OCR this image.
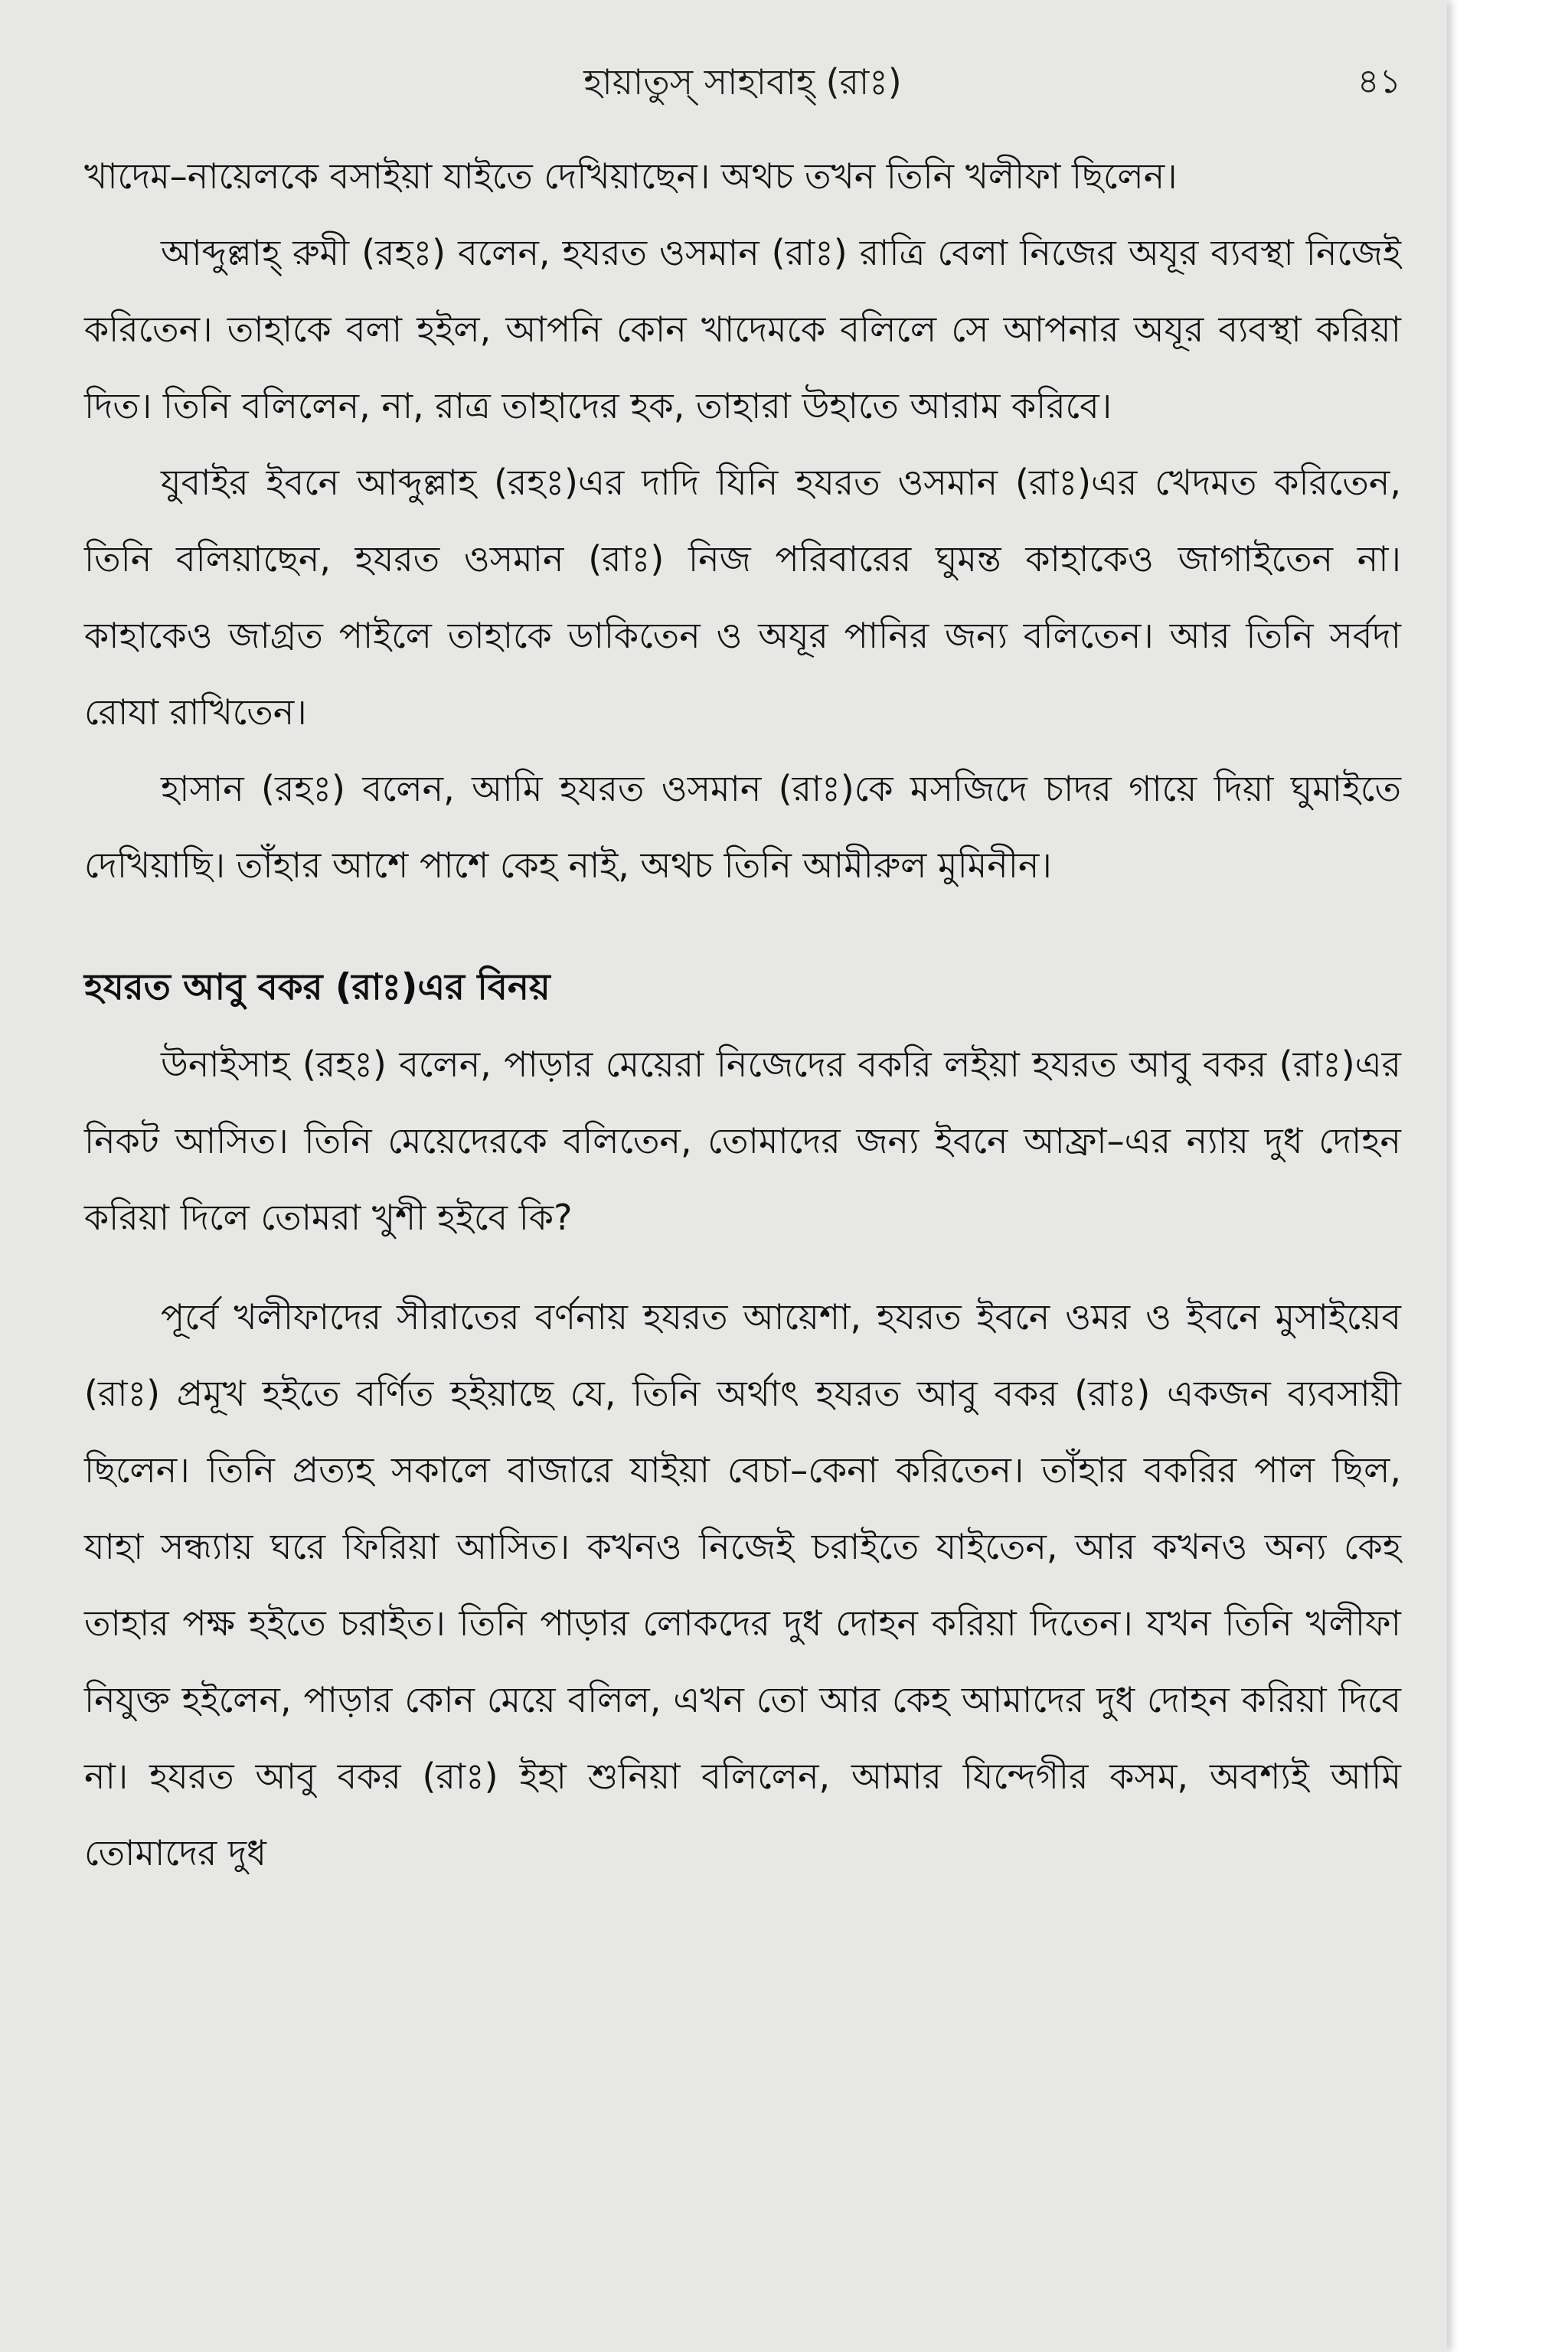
হায়াতুস্ সাহাবাহ্ (রাঃ)	৪১

খাদেম–নায়েলকে বসাইয়া যাইতে দেখিয়াছেন। অথচ তখন তিনি খলীফা ছিলেন।

আব্দুল্লাহ্ রুমী (রহঃ) বলেন, হযরত ওসমান (রাঃ) রাত্রি বেলা নিজের অযূর ব্যবস্থা নিজেই করিতেন। তাহাকে বলা হইল, আপনি কোন খাদেমকে বলিলে সে আপনার অযূর ব্যবস্থা করিয়া দিত। তিনি বলিলেন, না, রাত্র তাহাদের হক, তাহারা উহাতে আরাম করিবে।

যুবাইর ইবনে আব্দুল্লাহ (রহঃ)এর দাদি যিনি হযরত ওসমান (রাঃ)এর খেদমত করিতেন, তিনি বলিয়াছেন, হযরত ওসমান (রাঃ) নিজ পরিবারের ঘুমন্ত কাহাকেও জাগাইতেন না। কাহাকেও জাগ্রত পাইলে তাহাকে ডাকিতেন ও অযূর পানির জন্য বলিতেন। আর তিনি সর্বদা রোযা রাখিতেন।

হাসান (রহঃ) বলেন, আমি হযরত ওসমান (রাঃ)কে মসজিদে চাদর গায়ে দিয়া ঘুমাইতে দেখিয়াছি। তাঁহার আশে পাশে কেহ নাই, অথচ তিনি আমীরুল মুমিনীন।

হযরত আবু বকর (রাঃ)এর বিনয়

উনাইসাহ (রহঃ) বলেন, পাড়ার মেয়েরা নিজেদের বকরি লইয়া হযরত আবু বকর (রাঃ)এর নিকট আসিত। তিনি মেয়েদেরকে বলিতেন, তোমাদের জন্য ইবনে আফ্রা–এর ন্যায় দুধ দোহন করিয়া দিলে তোমরা খুশী হইবে কি?

পূর্বে খলীফাদের সীরাতের বর্ণনায় হযরত আয়েশা, হযরত ইবনে ওমর ও ইবনে মুসাইয়েব (রাঃ) প্রমূখ হইতে বর্ণিত হইয়াছে যে, তিনি অর্থাৎ হযরত আবু বকর (রাঃ) একজন ব্যবসায়ী ছিলেন। তিনি প্রত্যহ সকালে বাজারে যাইয়া বেচা–কেনা করিতেন। তাঁহার বকরির পাল ছিল, যাহা সন্ধ্যায় ঘরে ফিরিয়া আসিত। কখনও নিজেই চরাইতে যাইতেন, আর কখনও অন্য কেহ তাহার পক্ষ হইতে চরাইত। তিনি পাড়ার লোকদের দুধ দোহন করিয়া দিতেন। যখন তিনি খলীফা নিযুক্ত হইলেন, পাড়ার কোন মেয়ে বলিল, এখন তো আর কেহ আমাদের দুধ দোহন করিয়া দিবে না। হযরত আবু বকর (রাঃ) ইহা শুনিয়া বলিলেন, আমার যিন্দেগীর কসম, অবশ্যই আমি তোমাদের দুধ
